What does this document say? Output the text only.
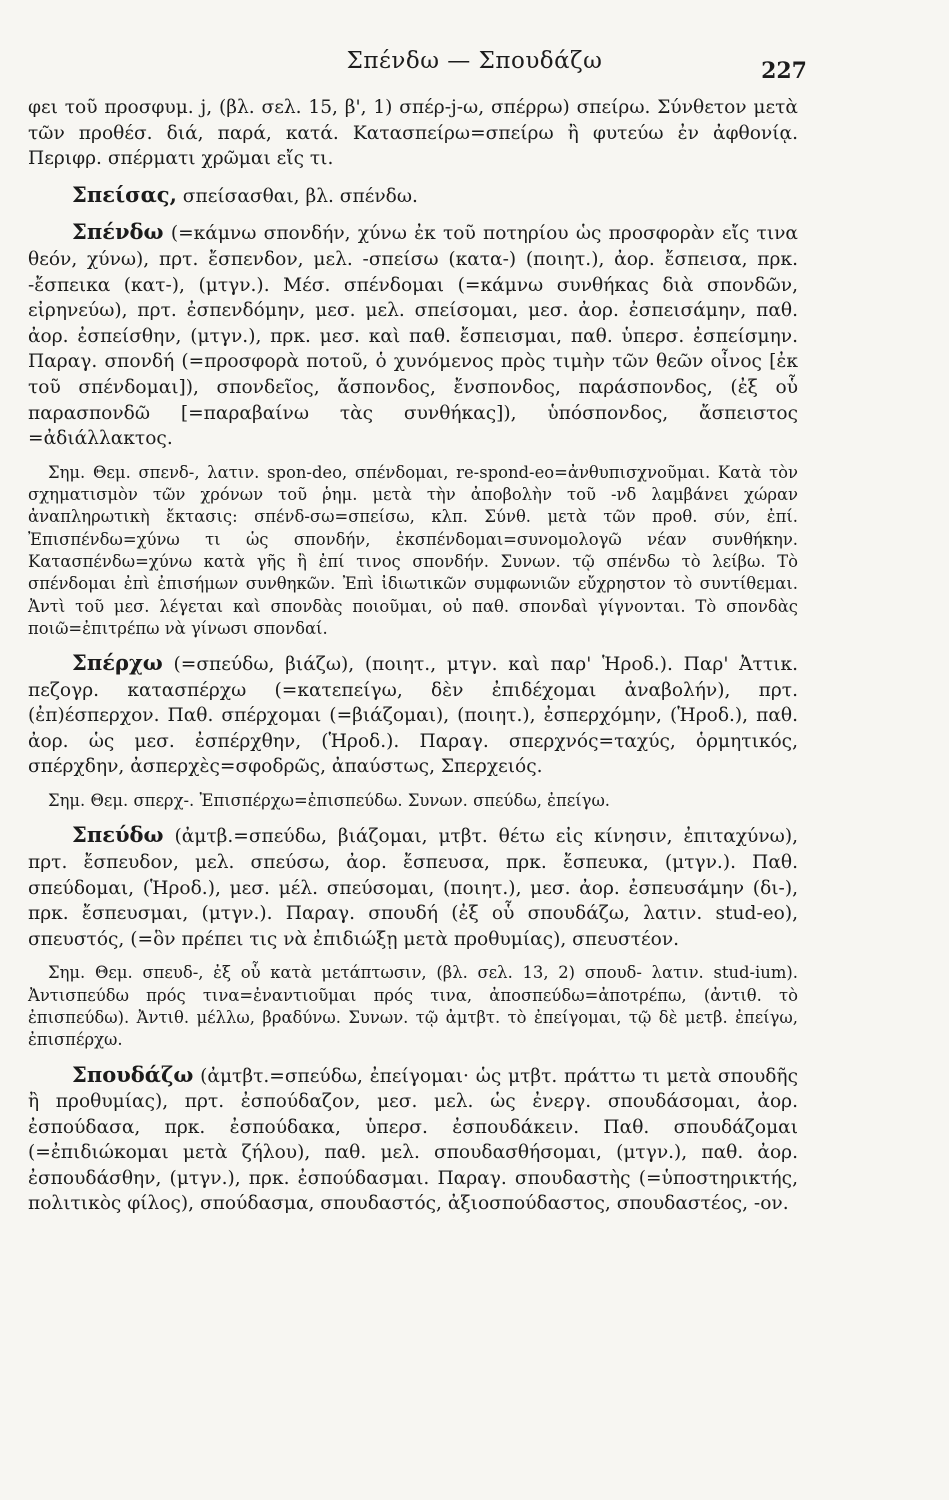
Σπένδω — Σπουδάζω	227

φει τοῦ προσφυμ. j, (βλ. σελ. 15, β', 1) σπέρ-j-ω, σπέρρω) σπείρω. Σύνθετον μετὰ τῶν προθέσ. διά, παρά, κατά. Κατασπείρω=σπείρω ἢ φυτεύω ἐν ἀφθονίᾳ. Περιφρ. σπέρματι χρῶμαι εἴς τι.

Σπείσας, σπείσασθαι, βλ. σπένδω.

Σπένδω (=κάμνω σπονδήν, χύνω ἐκ τοῦ ποτηρίου ὡς προσφορὰν εἴς τινα θεόν, χύνω), πρτ. ἔσπενδον, μελ. -σπείσω (κατα-) (ποιητ.), ἀορ. ἔσπεισα, πρκ. -ἔσπεικα (κατ-), (μτγν.). Μέσ. σπένδομαι (=κάμνω συνθήκας διὰ σπονδῶν, εἰρηνεύω), πρτ. ἐσπενδόμην, μεσ. μελ. σπείσομαι, μεσ. ἀορ. ἐσπεισάμην, παθ. ἀορ. ἐσπείσθην, (μτγν.), πρκ. μεσ. καὶ παθ. ἔσπεισμαι, παθ. ὑπερσ. ἐσπείσμην. Παραγ. σπονδή (=προσφορὰ ποτοῦ, ὁ χυνόμενος πρὸς τιμὴν τῶν θεῶν οἶνος [ἐκ τοῦ σπένδομαι]), σπονδεῖος, ἄσπονδος, ἔνσπονδος, παράσπονδος, (ἐξ οὗ παρασπονδῶ [=παραβαίνω τὰς συνθήκας]), ὑπόσπονδος, ἄσπειστος =ἀδιάλλακτος.

Σημ. Θεμ. σπενδ-, λατιν. spon-deo, σπένδομαι, re-spond-eo=ἀνθυπισχνοῦμαι. Κατὰ τὸν σχηματισμὸν τῶν χρόνων τοῦ ῥημ. μετὰ τὴν ἀποβολὴν τοῦ -νδ λαμβάνει χώραν ἀναπληρωτικὴ ἔκτασις: σπένδ-σω=σπείσω, κλπ. Σύνθ. μετὰ τῶν προθ. σύν, ἐπί. Ἐπισπένδω=χύνω τι ὡς σπονδήν, ἐκσπένδομαι=συνομολογῶ νέαν συνθήκην. Κατασπένδω=χύνω κατὰ γῆς ἢ ἐπί τινος σπονδήν. Συνων. τῷ σπένδω τὸ λείβω. Τὸ σπένδομαι ἐπὶ ἐπισήμων συνθηκῶν. Ἐπὶ ἰδιωτικῶν συμφωνιῶν εὔχρηστον τὸ συντίθεμαι. Ἀντὶ τοῦ μεσ. λέγεται καὶ σπονδὰς ποιοῦμαι, οὐ παθ. σπονδαὶ γίγνονται. Τὸ σπονδὰς ποιῶ=ἐπιτρέπω νὰ γίνωσι σπονδαί.

Σπέρχω (=σπεύδω, βιάζω), (ποιητ., μτγν. καὶ παρ' Ἡροδ.). Παρ' Ἀττικ. πεζογρ. κατασπέρχω (=κατεπείγω, δὲν ἐπιδέχομαι ἀναβολήν), πρτ. (ἐπ)έσπερχον. Παθ. σπέρχομαι (=βιάζομαι), (ποιητ.), ἐσπερχόμην, (Ἡροδ.), παθ. ἀορ. ὡς μεσ. ἐσπέρχθην, (Ἡροδ.). Παραγ. σπερχνός=ταχύς, ὁρμητικός, σπέρχδην, ἀσπερχὲς=σφοδρῶς, ἀπαύστως, Σπερχειός.

Σημ. Θεμ. σπερχ-. Ἐπισπέρχω=ἐπισπεύδω. Συνων. σπεύδω, ἐπείγω.

Σπεύδω (ἀμτβ.=σπεύδω, βιάζομαι, μτβτ. θέτω εἰς κίνησιν, ἐπιταχύνω), πρτ. ἔσπευδον, μελ. σπεύσω, ἀορ. ἔσπευσα, πρκ. ἔσπευκα, (μτγν.). Παθ. σπεύδομαι, (Ἡροδ.), μεσ. μέλ. σπεύσομαι, (ποιητ.), μεσ. ἀορ. ἐσπευσάμην (δι-), πρκ. ἔσπευσμαι, (μτγν.). Παραγ. σπουδή (ἐξ οὗ σπουδάζω, λατιν. stud-eo), σπευστός, (=ὃν πρέπει τις νὰ ἐπιδιώξῃ μετὰ προθυμίας), σπευστέον.

Σημ. Θεμ. σπευδ-, ἐξ οὗ κατὰ μετάπτωσιν, (βλ. σελ. 13, 2) σπουδ- λατιν. stud-ium). Ἀντισπεύδω πρός τινα=ἐναντιοῦμαι πρός τινα, ἀποσπεύδω=ἀποτρέπω, (ἀντιθ. τὸ ἐπισπεύδω). Ἀντιθ. μέλλω, βραδύνω. Συνων. τῷ ἀμτβτ. τὸ ἐπείγομαι, τῷ δὲ μετβ. ἐπείγω, ἐπισπέρχω.

Σπουδάζω (ἀμτβτ.=σπεύδω, ἐπείγομαι· ὡς μτβτ. πράττω τι μετὰ σπουδῆς ἢ προθυμίας), πρτ. ἐσπούδαζον, μεσ. μελ. ὡς ἐνεργ. σπουδάσομαι, ἀορ. ἐσπούδασα, πρκ. ἐσπούδακα, ὑπερσ. ἐσπουδάκειν. Παθ. σπουδάζομαι (=ἐπιδιώκομαι μετὰ ζήλου), παθ. μελ. σπουδασθήσομαι, (μτγν.), παθ. ἀορ. ἐσπουδάσθην, (μτγν.), πρκ. ἐσπούδασμαι. Παραγ. σπουδαστὴς (=ὑποστηρικτής, πολιτικὸς φίλος), σπούδασμα, σπουδαστός, ἀξιοσπούδαστος, σπουδαστέος, -ον.
